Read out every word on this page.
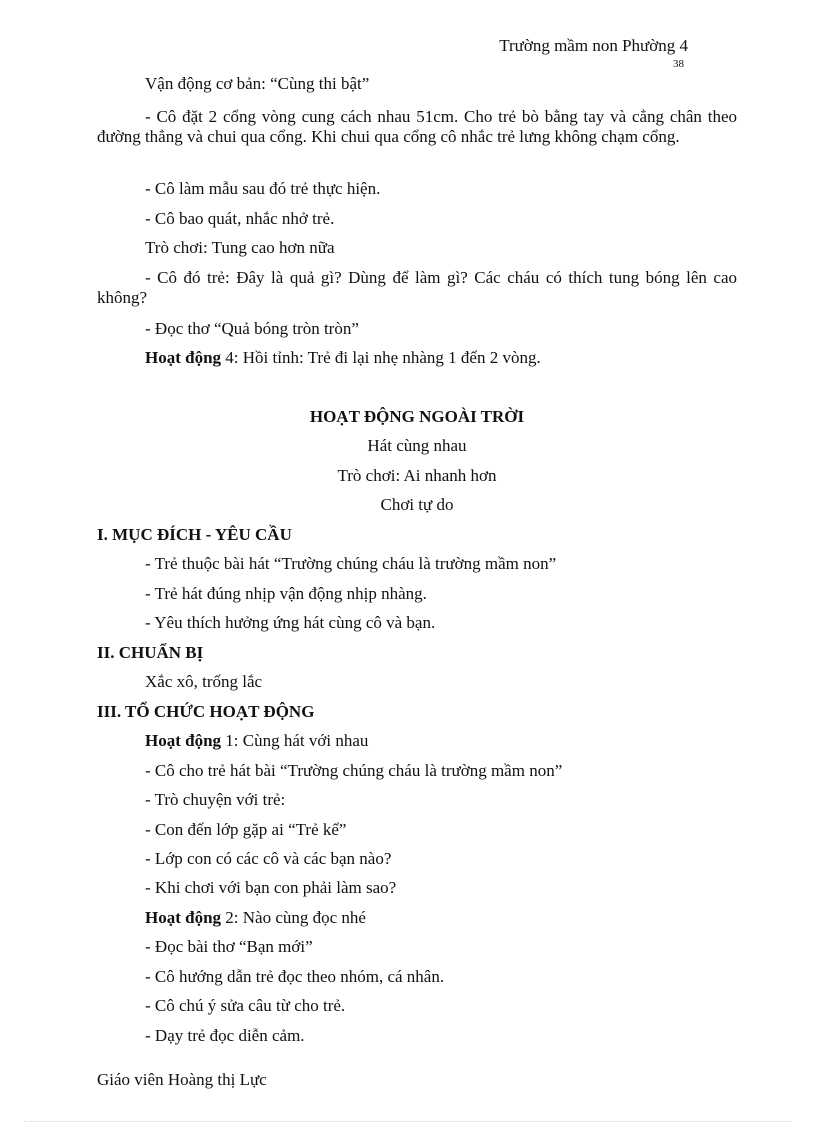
Trường mầm non Phường 4
38
Vận động cơ bản: “Cùng thi bật”
- Cô đặt 2 cổng vòng cung cách nhau 51cm. Cho trẻ bò bằng tay và cẳng chân theo đường thẳng và chui qua cổng. Khi chui qua cổng cô nhắc trẻ lưng không chạm cổng.
- Cô làm mẫu sau đó trẻ thực hiện.
- Cô bao quát, nhắc nhở trẻ.
Trò chơi: Tung cao hơn nữa
- Cô đó trẻ: Đây là quả gì? Dùng để làm gì? Các cháu có thích tung bóng lên cao không?
- Đọc thơ “Quả bóng tròn tròn”
Hoạt động 4: Hồi tỉnh: Trẻ đi lại nhẹ nhàng 1 đến 2 vòng.
HOẠT ĐỘNG NGOÀI TRỜI
Hát cùng nhau
Trò chơi: Ai nhanh hơn
Chơi tự do
I. MỤC ĐÍCH - YÊU CẦU
- Trẻ thuộc bài hát “Trường chúng cháu là trường mầm non”
- Trẻ hát đúng nhịp vận động nhịp nhàng.
- Yêu thích hưởng ứng hát cùng cô và bạn.
II. CHUẨN BỊ
Xắc xô, trống lắc
III. TỔ CHỨC HOẠT ĐỘNG
Hoạt động 1: Cùng hát với nhau
- Cô cho trẻ hát bài “Trường chúng cháu là trường mầm non”
- Trò chuyện với trẻ:
- Con đến lớp gặp ai “Trẻ kể”
- Lớp con có các cô và các bạn nào?
- Khi chơi với bạn con phải làm sao?
Hoạt động 2: Nào cùng đọc nhé
- Đọc bài thơ “Bạn mới”
- Cô hướng dẫn trẻ đọc theo nhóm, cá nhân.
- Cô chú ý sửa câu từ cho trẻ.
- Dạy trẻ đọc diễn cảm.
Giáo viên Hoàng thị Lực
